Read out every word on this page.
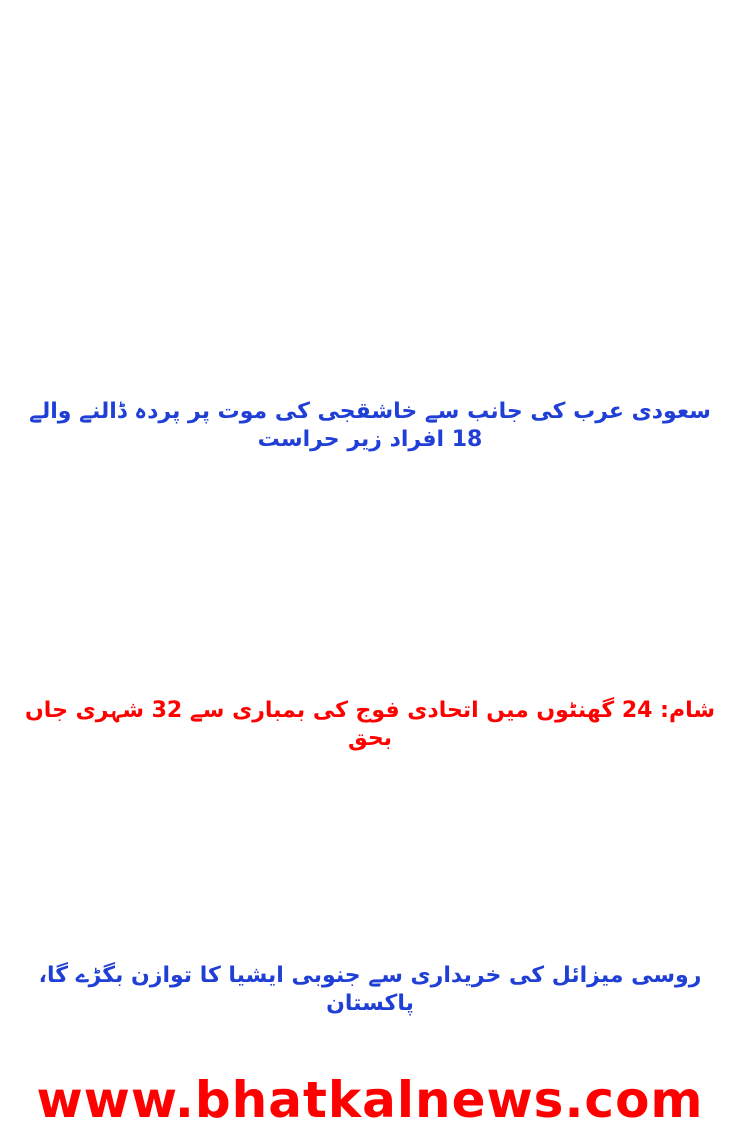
سعودی عرب کی جانب سے خاشقجی کی موت پر پردہ ڈالنے والے 18 افراد زیر حراست
شام: 24 گھنٹوں میں اتحادی فوج کی بمباری سے 32 شہری جاں بحق
روسی میزائل کی خریداری سے جنوبی ایشیا کا توازن بگڑے گا، پاکستان
www.bhatkalnews.com
